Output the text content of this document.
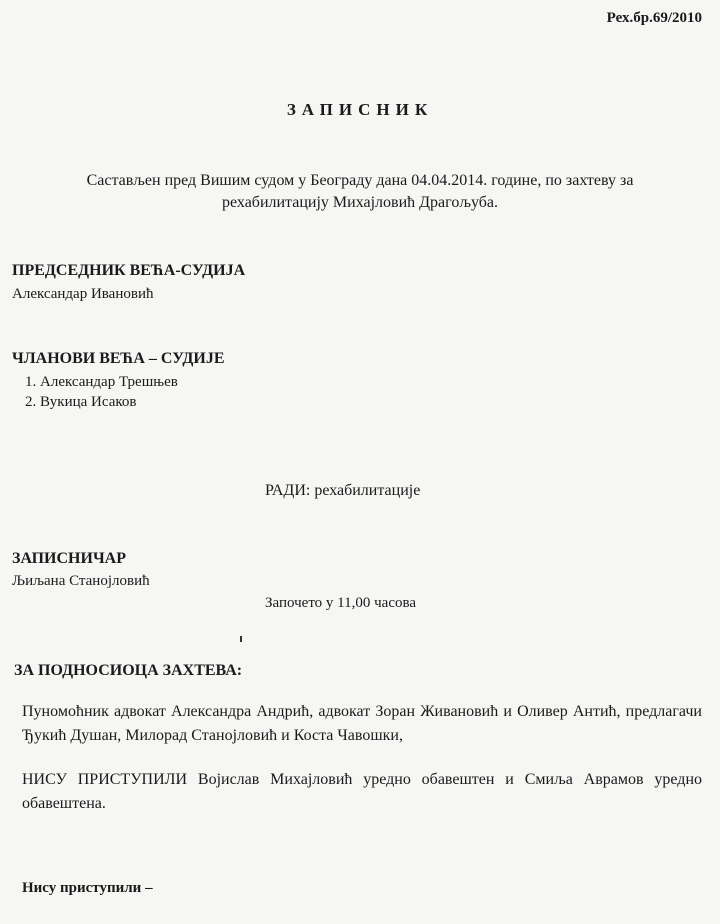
Рех.бр.69/2010
ЗАПИСНИК
Састављен пред Вишим судом у Београду дана 04.04.2014. године, по захтеву за рехабилитацију Михајловић Драгољуба.
ПРЕДСЕДНИК ВЕЋА-СУДИЈА
Александар Ивановић
ЧЛАНОВИ ВЕЋА – СУДИЈЕ
1. Александар Трешњев
2. Вукица Исаков
РАДИ: рехабилитације
ЗАПИСНИЧАР
Љиљана Станојловић
Започето у 11,00 часова
ЗА ПОДНОСИОЦА ЗАХТЕВА:
Пуномоћник адвокат Александра Андрић, адвокат Зоран Живановић и Оливер Антић, предлагачи Ђукић Душан, Милорад Станојловић и Коста Чавошки,
НИСУ ПРИСТУПИЛИ Војислав Михајловић уредно обавештен и Смиља Аврамов уредно обавештена.
Нису приступили –
